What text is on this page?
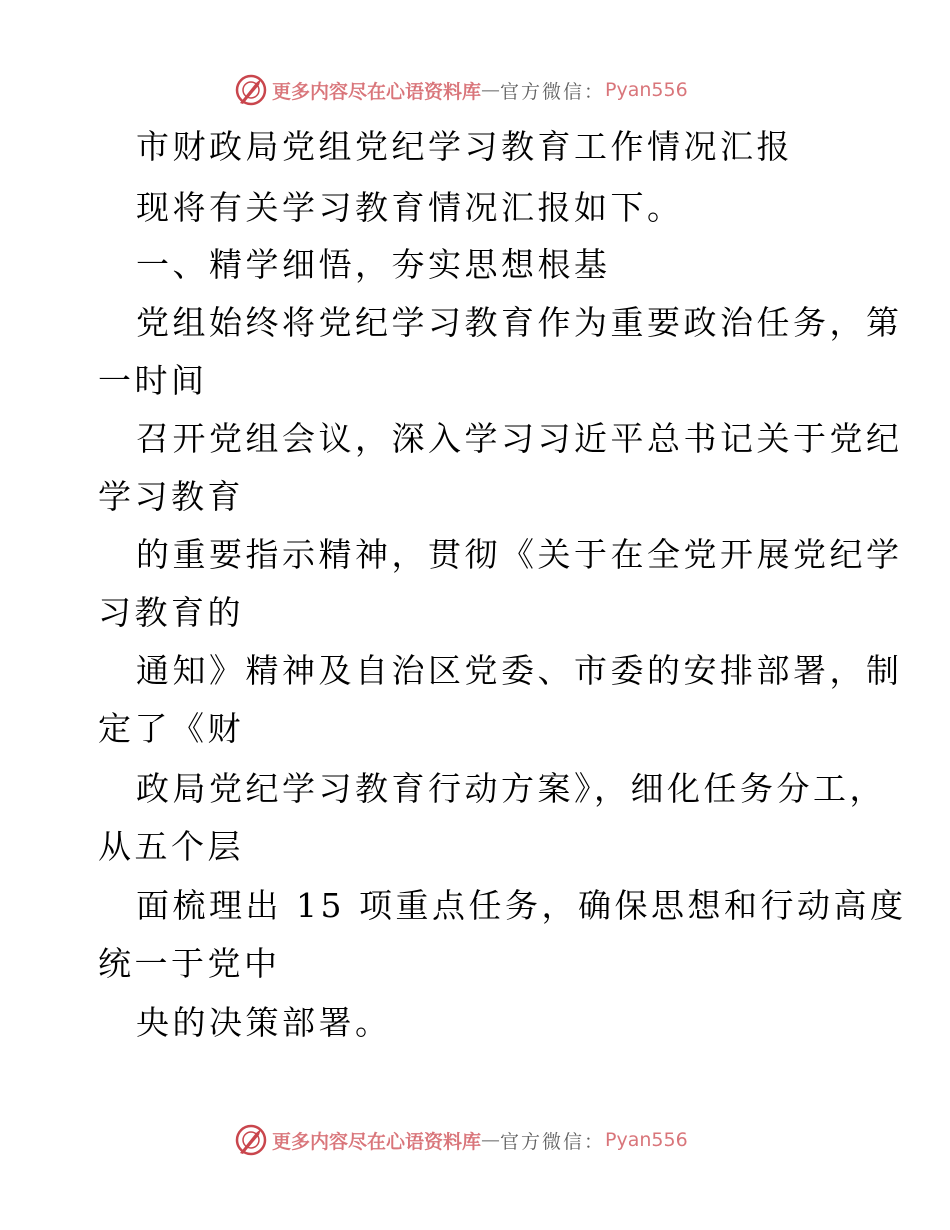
更多内容尽在心语资料库 — 官方微信： Pyan556
市财政局党组党纪学习教育工作情况汇报
现将有关学习教育情况汇报如下。
一、精学细悟，夯实思想根基
党组始终将党纪学习教育作为重要政治任务，第
一时间
召开党组会议，深入学习习近平总书记关于党纪
学习教育
的重要指示精神，贯彻《关于在全党开展党纪学
习教育的
通知》精神及自治区党委、市委的安排部署，制
定了《财
政局党纪学习教育行动方案》，细化任务分工，
从五个层
面梳理出 15 项重点任务，确保思想和行动高度
统一于党中
央的决策部署。
更多内容尽在心语资料库 — 官方微信： Pyan556
